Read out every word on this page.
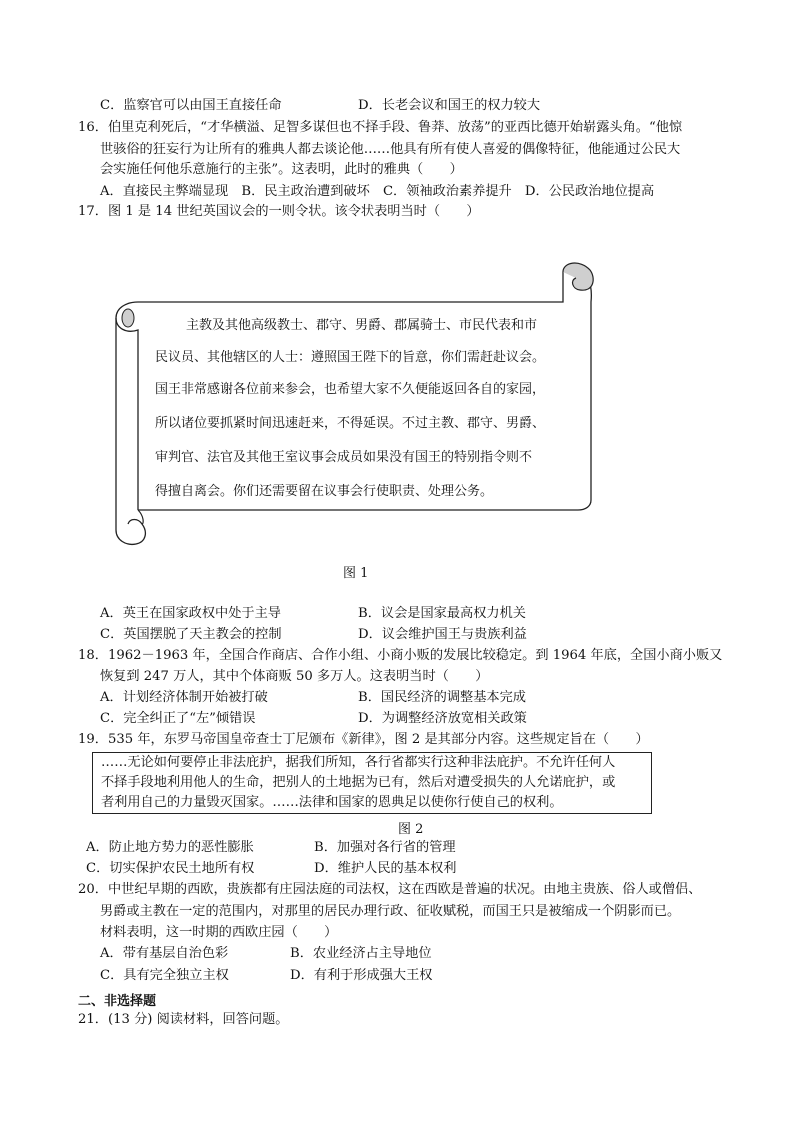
C．监察官可以由国王直接任命	D．长老会议和国王的权力较大
16．伯里克利死后，“才华横溢、足智多谋但也不择手段、鲁莽、放荡”的亚西比德开始崭露头角。“他惊
世骇俗的狂妄行为让所有的雅典人都去谈论他……他具有所有使人喜爱的偶像特征，他能通过公民大
会实施任何他乐意施行的主张”。这表明，此时的雅典（　　）
A．直接民主弊端显现　B．民主政治遭到破坏　C．领袖政治素养提升　D．公民政治地位提高
17．图 1 是 14 世纪英国议会的一则令状。该令状表明当时（　　）
主教及其他高级教士、郡守、男爵、郡属骑士、市民代表和市
民议员、其他辖区的人士：遵照国王陛下的旨意，你们需赶赴议会。
国王非常感谢各位前来参会，也希望大家不久便能返回各自的家园，
所以诸位要抓紧时间迅速赶来，不得延误。不过主教、郡守、男爵、
审判官、法官及其他王室议事会成员如果没有国王的特别指令则不
得擅自离会。你们还需要留在议事会行使职责、处理公务。
图 1
A．英王在国家政权中处于主导	B．议会是国家最高权力机关
C．英国摆脱了天主教会的控制	D．议会维护国王与贵族利益
18．1962－1963 年，全国合作商店、合作小组、小商小贩的发展比较稳定。到 1964 年底，全国小商小贩又
恢复到 247 万人，其中个体商贩 50 多万人。这表明当时（　　）
A．计划经济体制开始被打破	B．国民经济的调整基本完成
C．完全纠正了“左”倾错误	D．为调整经济放宽相关政策
19．535 年，东罗马帝国皇帝查士丁尼颁布《新律》，图 2 是其部分内容。这些规定旨在（　　）
……无论如何要停止非法庇护，据我们所知，各行省都实行这种非法庇护。不允许任何人
不择手段地利用他人的生命，把别人的土地据为已有，然后对遭受损失的人允诺庇护，或
者利用自己的力量毁灭国家。……法律和国家的恩典足以使你行使自己的权利。
图 2
A．防止地方势力的恶性膨胀	B．加强对各行省的管理
C．切实保护农民土地所有权	D．维护人民的基本权利
20．中世纪早期的西欧，贵族都有庄园法庭的司法权，这在西欧是普遍的状况。由地主贵族、俗人或僧侣、
男爵或主教在一定的范围内，对那里的居民办理行政、征收赋税，而国王只是被缩成一个阴影而已。
材料表明，这一时期的西欧庄园（　　）
A．带有基层自治色彩	B．农业经济占主导地位
C．具有完全独立主权	D．有利于形成强大王权
二、非选择题
21．(13 分) 阅读材料，回答问题。
